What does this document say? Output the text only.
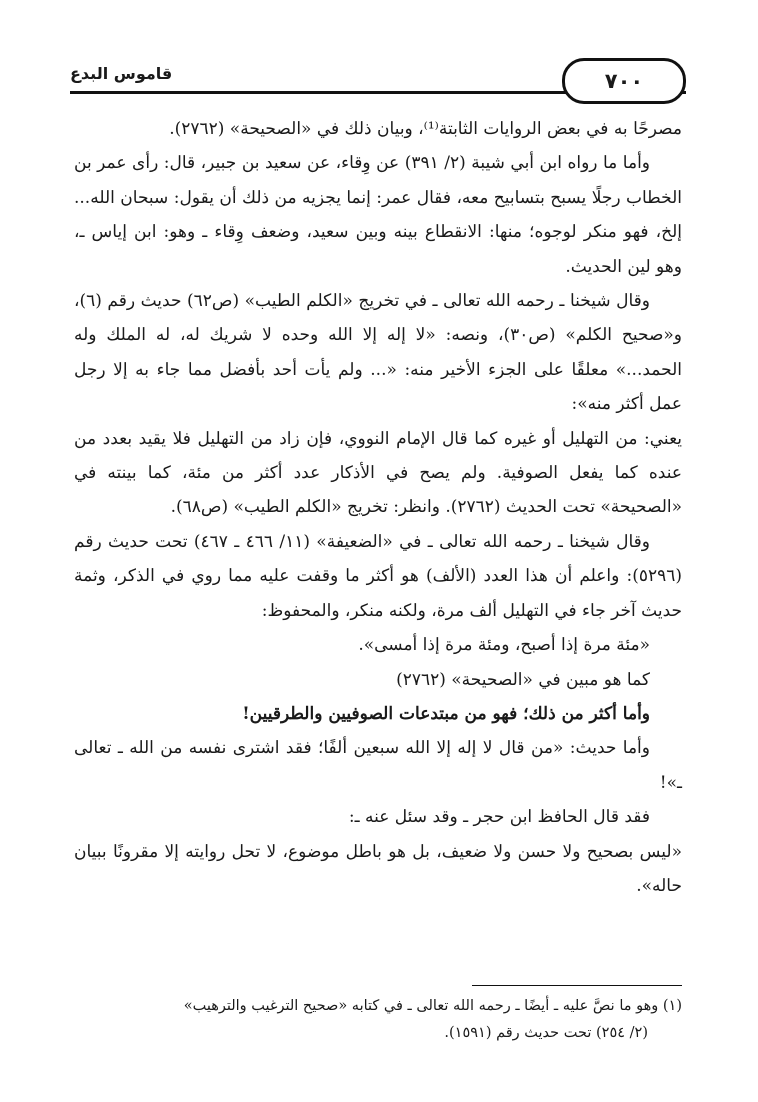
قاموس البدع	٧٠٠

مصرحًا به في بعض الروايات الثابتة⁽¹⁾، وبيان ذلك في «الصحيحة» (٢٧٦٢).

وأما ما رواه ابن أبي شيبة (٢/ ٣٩١) عن وِقاء، عن سعيد بن جبير، قال: رأى عمر بن الخطاب رجلًا يسبح بتسابيح معه، فقال عمر: إنما يجزيه من ذلك أن يقول: سبحان الله... إلخ، فهو منكر لوجوه؛ منها: الانقطاع بينه وبين سعيد، وضعف وِقاء ـ وهو: ابن إياس ـ، وهو لين الحديث.

وقال شيخنا ـ رحمه الله تعالى ـ في تخريج «الكلم الطيب» (ص٦٢) حديث رقم (٦)، و«صحيح الكلم» (ص٣٠)، ونصه: «لا إله إلا الله وحده لا شريك له، له الملك وله الحمد...» معلقًا على الجزء الأخير منه: «... ولم يأت أحد بأفضل مما جاء به إلا رجل عمل أكثر منه»:

يعني: من التهليل أو غيره كما قال الإمام النووي، فإن زاد من التهليل فلا يقيد بعدد من عنده كما يفعل الصوفية. ولم يصح في الأذكار عدد أكثر من مئة، كما بينته في «الصحيحة» تحت الحديث (٢٧٦٢). وانظر: تخريج «الكلم الطيب» (ص٦٨).

وقال شيخنا ـ رحمه الله تعالى ـ في «الضعيفة» (١١/ ٤٦٦ ـ ٤٦٧) تحت حديث رقم (٥٢٩٦): واعلم أن هذا العدد (الألف) هو أكثر ما وقفت عليه مما روي في الذكر، وثمة حديث آخر جاء في التهليل ألف مرة، ولكنه منكر، والمحفوظ:

«مئة مرة إذا أصبح، ومئة مرة إذا أمسى».

كما هو مبين في «الصحيحة» (٢٧٦٢)

وأما أكثر من ذلك؛ فهو من مبتدعات الصوفيين والطرقيين!

وأما حديث: «من قال لا إله إلا الله سبعين ألفًا؛ فقد اشترى نفسه من الله ـ تعالى ـ»!

فقد قال الحافظ ابن حجر ـ وقد سئل عنه ـ:

«ليس بصحيح ولا حسن ولا ضعيف، بل هو باطل موضوع، لا تحل روايته إلا مقرونًا ببيان حاله».

(١) وهو ما نصَّ عليه ـ أيضًا ـ رحمه الله تعالى ـ في كتابه «صحيح الترغيب والترهيب»

(٢/ ٢٥٤) تحت حديث رقم (١٥٩١).
